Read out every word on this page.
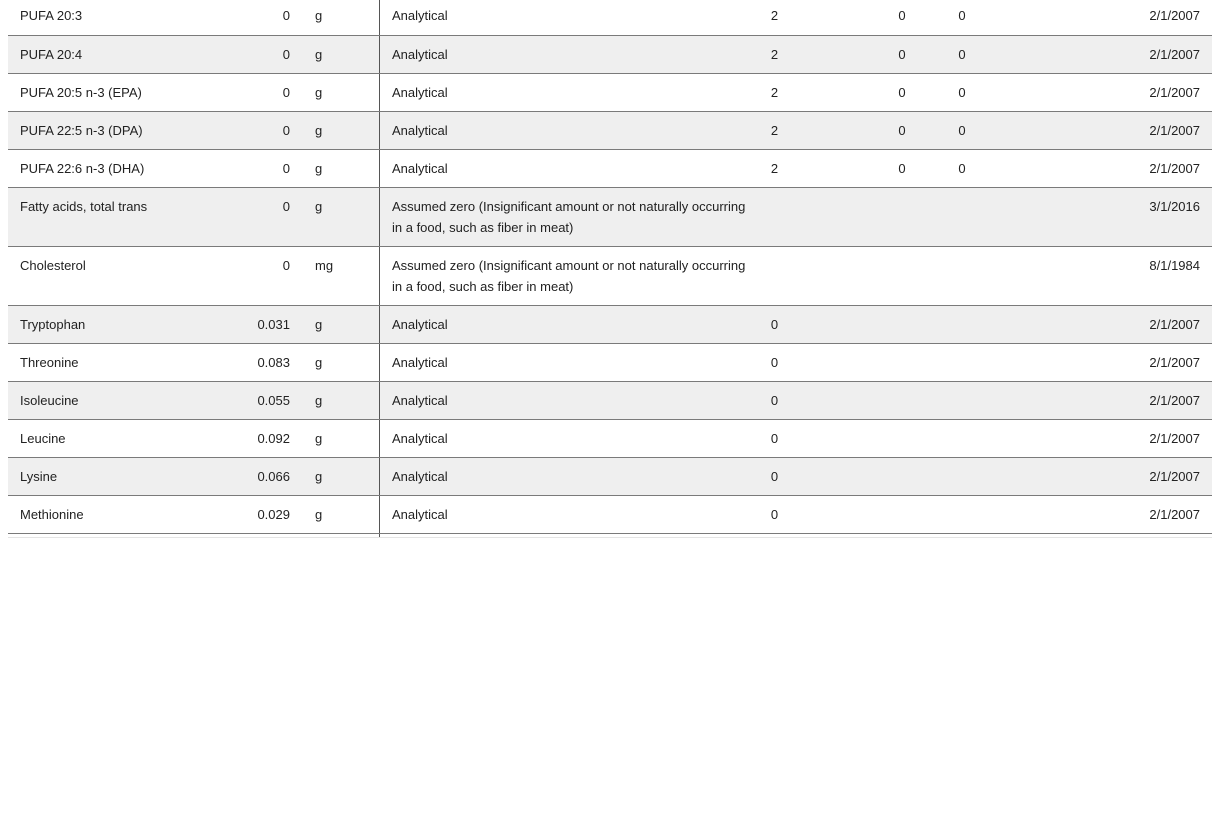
PUFA 20:3	0	g	Analytical	2		0		0	2/1/2007
PUFA 20:4	0	g	Analytical	2		0		0	2/1/2007
PUFA 20:5 n-3 (EPA)	0	g	Analytical	2		0		0	2/1/2007
PUFA 22:5 n-3 (DPA)	0	g	Analytical	2		0		0	2/1/2007
PUFA 22:6 n-3 (DHA)	0	g	Analytical	2		0		0	2/1/2007
Fatty acids, total trans	0	g	Assumed zero (Insignificant amount or not naturally occurring in a food, such as fiber in meat)						3/1/2016
Cholesterol	0	mg	Assumed zero (Insignificant amount or not naturally occurring in a food, such as fiber in meat)						8/1/1984
Tryptophan	0.031	g	Analytical	0					2/1/2007
Threonine	0.083	g	Analytical	0					2/1/2007
Isoleucine	0.055	g	Analytical	0					2/1/2007
Leucine	0.092	g	Analytical	0					2/1/2007
Lysine	0.066	g	Analytical	0					2/1/2007
Methionine	0.029	g	Analytical	0					2/1/2007
